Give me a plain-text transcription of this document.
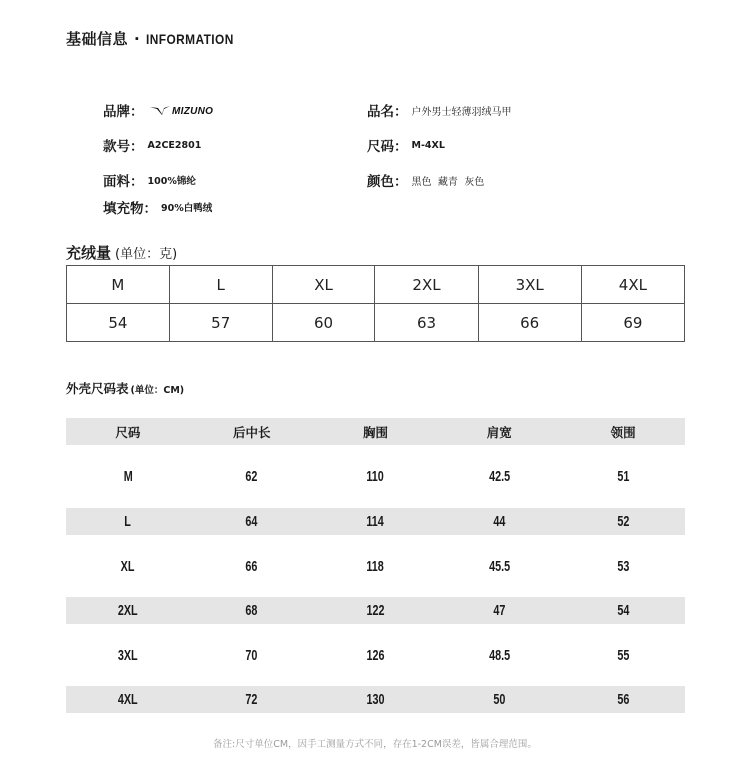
基础信息 · INFORMATION
品牌：	MIZUNO	品名： 户外男士轻薄羽绒马甲
款号： A2CE2801	尺码： M-4XL
面料： 100%锦纶	颜色： 黑色  藏青  灰色
填充物： 90%白鸭绒
充绒量 (单位：克)
M	L	XL	2XL	3XL	4XL
54	57	60	63	66	69
外壳尺码表 (单位：CM)
尺码	后中长	胸围	肩宽	领围
M	62	110	42.5	51
L	64	114	44	52
XL	66	118	45.5	53
2XL	68	122	47	54
3XL	70	126	48.5	55
4XL	72	130	50	56
备注:尺寸单位CM，因手工测量方式不同，存在1-2CM误差，皆属合理范围。
